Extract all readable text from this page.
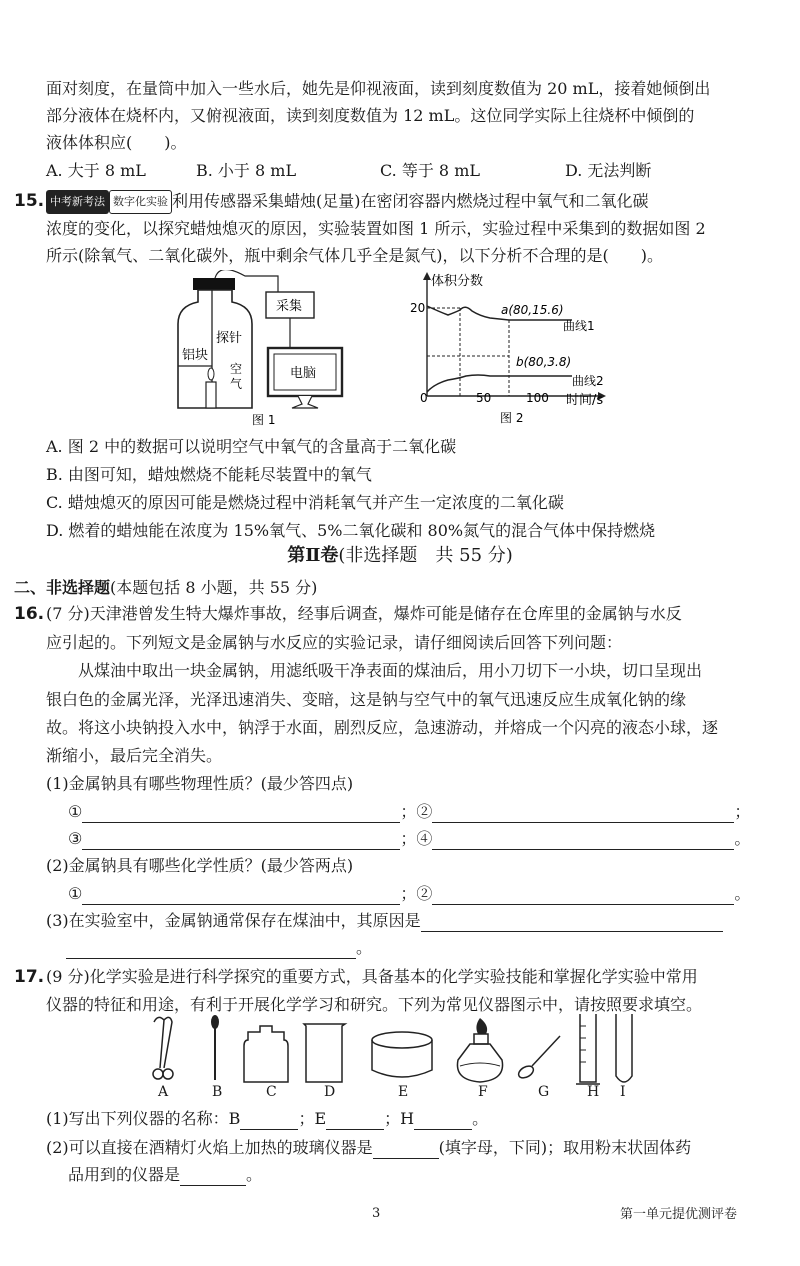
面对刻度，在量筒中加入一些水后，她先是仰视液面，读到刻度数值为 20 mL，接着她倾倒出
部分液体在烧杯内，又俯视液面，读到刻度数值为 12 mL。这位同学实际上往烧杯中倾倒的
液体体积应(　　)。
A. 大于 8 mL	B. 小于 8 mL	C. 等于 8 mL	D. 无法判断
15. 中考新考法 数字化实验 利用传感器采集蜡烛(足量)在密闭容器内燃烧过程中氧气和二氧化碳
浓度的变化，以探究蜡烛熄灭的原因，实验装置如图 1 所示，实验过程中采集到的数据如图 2
所示(除氧气、二氧化碳外，瓶中剩余气体几乎全是氮气)，以下分析不合理的是(　　)。
探针
铝块
空
气
采集
电脑
图 1
体积分数
20
0	50	100 时间/s
a(80,15.6)
曲线1
b(80,3.8)
曲线2
图 2
A. 图 2 中的数据可以说明空气中氧气的含量高于二氧化碳
B. 由图可知，蜡烛燃烧不能耗尽装置中的氧气
C. 蜡烛熄灭的原因可能是燃烧过程中消耗氧气并产生一定浓度的二氧化碳
D. 燃着的蜡烛能在浓度为 15%氧气、5%二氧化碳和 80%氮气的混合气体中保持燃烧
第Ⅱ卷(非选择题　共 55 分)
二、非选择题(本题包括 8 小题，共 55 分)
16. (7 分)天津港曾发生特大爆炸事故，经事后调查，爆炸可能是储存在仓库里的金属钠与水反
应引起的。下列短文是金属钠与水反应的实验记录，请仔细阅读后回答下列问题：
从煤油中取出一块金属钠，用滤纸吸干净表面的煤油后，用小刀切下一小块，切口呈现出
银白色的金属光泽，光泽迅速消失、变暗，这是钠与空气中的氧气迅速反应生成氧化钠的缘
故。将这小块钠投入水中，钠浮于水面，剧烈反应，急速游动，并熔成一个闪亮的液态小球，逐
渐缩小，最后完全消失。
(1)金属钠具有哪些物理性质？(最少答四点)
①	；②	；
③	；④	。
(2)金属钠具有哪些化学性质？(最少答两点)
①	；②	。
(3)在实验室中，金属钠通常保存在煤油中，其原因是
。
17. (9 分)化学实验是进行科学探究的重要方式，具备基本的化学实验技能和掌握化学实验中常用
仪器的特征和用途，有利于开展化学学习和研究。下列为常见仪器图示中，请按照要求填空。
A	B	C	D	E	F	G	H I
(1)写出下列仪器的名称：B	；E	；H	。
(2)可以直接在酒精灯火焰上加热的玻璃仪器是	(填字母，下同)；取用粉末状固体药
品用到的仪器是	。
3	第一单元提优测评卷
